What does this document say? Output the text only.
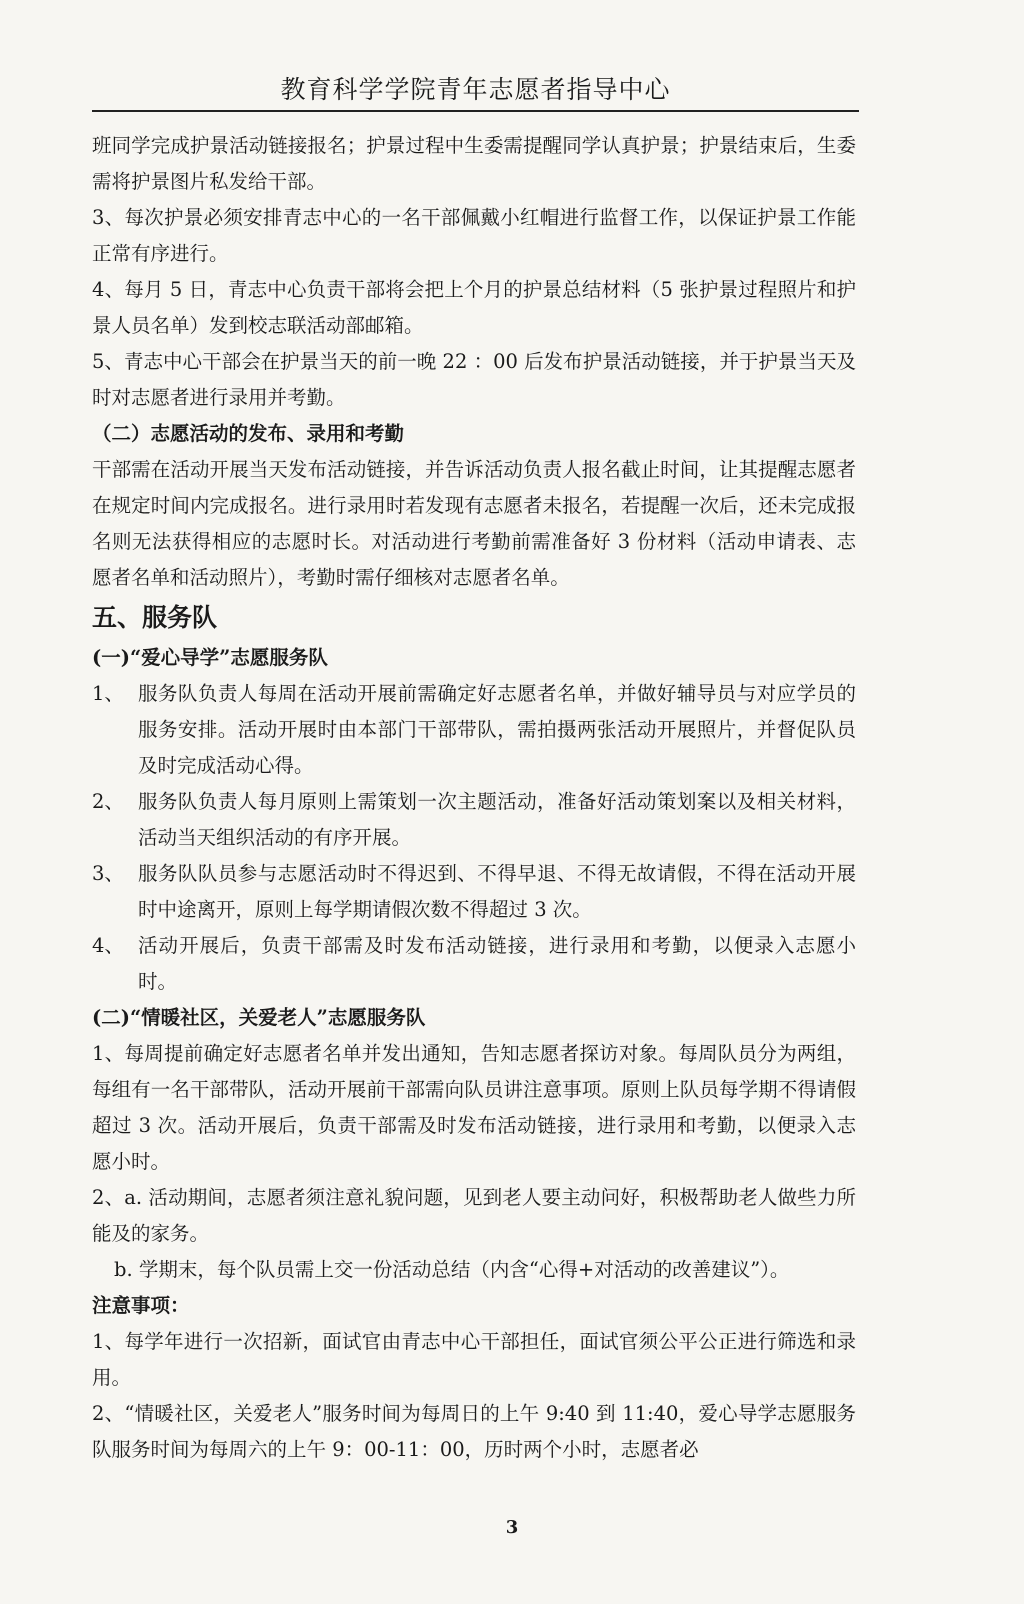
教育科学学院青年志愿者指导中心

班同学完成护景活动链接报名；护景过程中生委需提醒同学认真护景；护景结束后，生委需将护景图片私发给干部。

3、每次护景必须安排青志中心的一名干部佩戴小红帽进行监督工作，以保证护景工作能正常有序进行。

4、每月 5 日，青志中心负责干部将会把上个月的护景总结材料（5 张护景过程照片和护景人员名单）发到校志联活动部邮箱。

5、青志中心干部会在护景当天的前一晚 22 ：00 后发布护景活动链接，并于护景当天及时对志愿者进行录用并考勤。

（二）志愿活动的发布、录用和考勤

干部需在活动开展当天发布活动链接，并告诉活动负责人报名截止时间，让其提醒志愿者在规定时间内完成报名。进行录用时若发现有志愿者未报名，若提醒一次后，还未完成报名则无法获得相应的志愿时长。对活动进行考勤前需准备好 3 份材料（活动申请表、志愿者名单和活动照片），考勤时需仔细核对志愿者名单。

五、服务队

(一)“爱心导学”志愿服务队

1、 服务队负责人每周在活动开展前需确定好志愿者名单，并做好辅导员与对应学员的服务安排。活动开展时由本部门干部带队，需拍摄两张活动开展照片，并督促队员及时完成活动心得。
2、 服务队负责人每月原则上需策划一次主题活动，准备好活动策划案以及相关材料，活动当天组织活动的有序开展。
3、 服务队队员参与志愿活动时不得迟到、不得早退、不得无故请假，不得在活动开展时中途离开，原则上每学期请假次数不得超过 3 次。
4、 活动开展后，负责干部需及时发布活动链接，进行录用和考勤，以便录入志愿小时。

(二)“情暖社区，关爱老人”志愿服务队

1、每周提前确定好志愿者名单并发出通知，告知志愿者探访对象。每周队员分为两组，每组有一名干部带队，活动开展前干部需向队员讲注意事项。原则上队员每学期不得请假超过 3 次。活动开展后，负责干部需及时发布活动链接，进行录用和考勤，以便录入志愿小时。

2、a. 活动期间，志愿者须注意礼貌问题，见到老人要主动问好，积极帮助老人做些力所能及的家务。

b. 学期末，每个队员需上交一份活动总结（内含“心得+对活动的改善建议”）。

注意事项：

1、每学年进行一次招新，面试官由青志中心干部担任，面试官须公平公正进行筛选和录用。

2、“情暖社区，关爱老人”服务时间为每周日的上午 9:40 到 11:40，爱心导学志愿服务队服务时间为每周六的上午 9：00-11：00，历时两个小时，志愿者必

3
